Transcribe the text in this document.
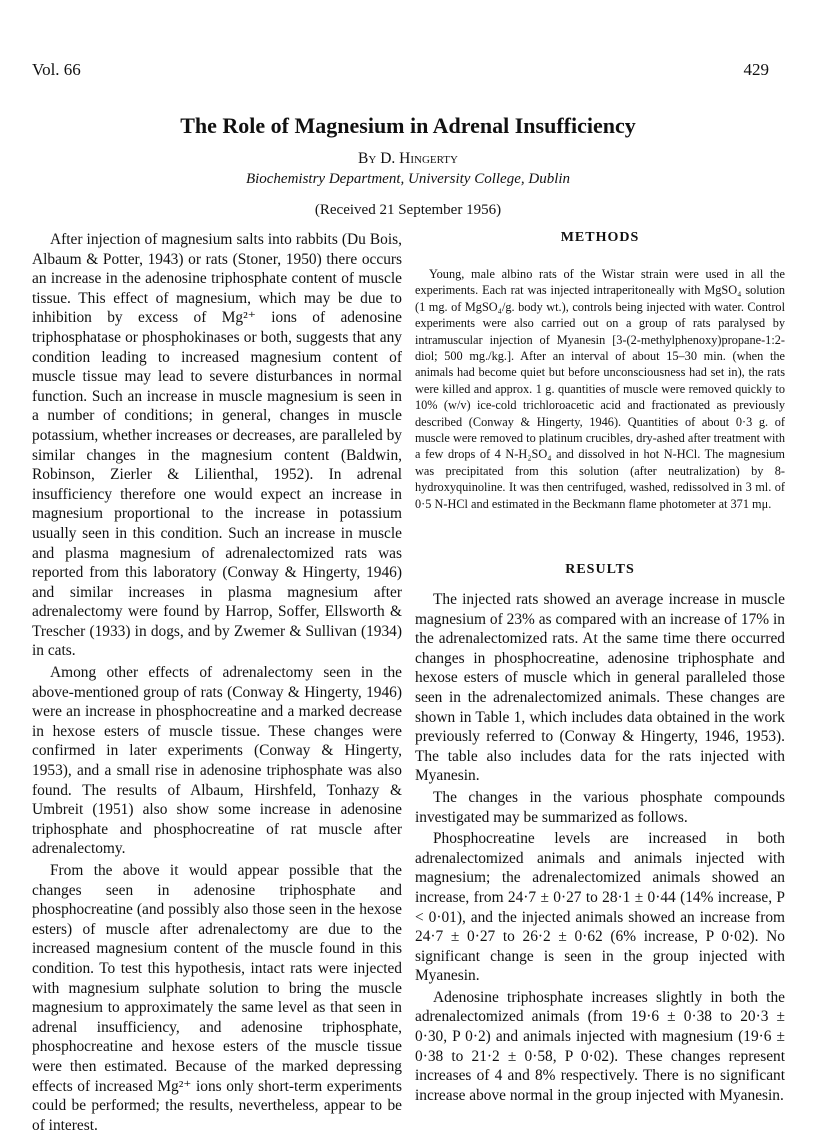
Vol. 66	429
The Role of Magnesium in Adrenal Insufficiency
By D. Hingerty
Biochemistry Department, University College, Dublin
(Received 21 September 1956)

After injection of magnesium salts into rabbits (Du Bois, Albaum & Potter, 1943) or rats (Stoner, 1950) there occurs an increase in the adenosine triphosphate content of muscle tissue. This effect of magnesium, which may be due to inhibition by excess of Mg²⁺ ions of adenosine triphosphatase or phosphokinases or both, suggests that any condition leading to increased magnesium content of muscle tissue may lead to severe disturbances in normal function. Such an increase in muscle magnesium is seen in a number of conditions; in general, changes in muscle potassium, whether increases or decreases, are paralleled by similar changes in the magnesium content (Baldwin, Robinson, Zierler & Lilienthal, 1952). In adrenal insufficiency therefore one would expect an increase in magnesium proportional to the increase in potassium usually seen in this condition. Such an increase in muscle and plasma magnesium of adrenalectomized rats was reported from this laboratory (Conway & Hingerty, 1946) and similar increases in plasma magnesium after adrenalectomy were found by Harrop, Soffer, Ellsworth & Trescher (1933) in dogs, and by Zwemer & Sullivan (1934) in cats.

Among other effects of adrenalectomy seen in the above-mentioned group of rats (Conway & Hingerty, 1946) were an increase in phosphocreatine and a marked decrease in hexose esters of muscle tissue. These changes were confirmed in later experiments (Conway & Hingerty, 1953), and a small rise in adenosine triphosphate was also found. The results of Albaum, Hirshfeld, Tonhazy & Umbreit (1951) also show some increase in adenosine triphosphate and phosphocreatine of rat muscle after adrenalectomy.

From the above it would appear possible that the changes seen in adenosine triphosphate and phosphocreatine (and possibly also those seen in the hexose esters) of muscle after adrenalectomy are due to the increased magnesium content of the muscle found in this condition. To test this hypothesis, intact rats were injected with magnesium sulphate solution to bring the muscle magnesium to approximately the same level as that seen in adrenal insufficiency, and adenosine triphosphate, phosphocreatine and hexose esters of the muscle tissue were then estimated. Because of the marked depressing effects of increased Mg²⁺ ions only short-term experiments could be performed; the results, nevertheless, appear to be of interest.

METHODS

Young, male albino rats of the Wistar strain were used in all the experiments. Each rat was injected intraperitoneally with MgSO₄ solution (1 mg. of MgSO₄/g. body wt.), controls being injected with water. Control experiments were also carried out on a group of rats paralysed by intramuscular injection of Myanesin [3-(2-methylphenoxy)propane-1:2-diol; 500 mg./kg.]. After an interval of about 15–30 min. (when the animals had become quiet but before unconsciousness had set in), the rats were killed and approx. 1 g. quantities of muscle were removed quickly to 10% (w/v) ice-cold trichloroacetic acid and fractionated as previously described (Conway & Hingerty, 1946). Quantities of about 0·3 g. of muscle were removed to platinum crucibles, dry-ashed after treatment with a few drops of 4 N-H₂SO₄ and dissolved in hot N-HCl. The magnesium was precipitated from this solution (after neutralization) by 8-hydroxyquinoline. It was then centrifuged, washed, redissolved in 3 ml. of 0·5 N-HCl and estimated in the Beckmann flame photometer at 371 mμ.

RESULTS

The injected rats showed an average increase in muscle magnesium of 23% as compared with an increase of 17% in the adrenalectomized rats. At the same time there occurred changes in phosphocreatine, adenosine triphosphate and hexose esters of muscle which in general paralleled those seen in the adrenalectomized animals. These changes are shown in Table 1, which includes data obtained in the work previously referred to (Conway & Hingerty, 1946, 1953). The table also includes data for the rats injected with Myanesin.

The changes in the various phosphate compounds investigated may be summarized as follows.

Phosphocreatine levels are increased in both adrenalectomized animals and animals injected with magnesium; the adrenalectomized animals showed an increase, from 24·7 ± 0·27 to 28·1 ± 0·44 (14% increase, P < 0·01), and the injected animals showed an increase from 24·7 ± 0·27 to 26·2 ± 0·62 (6% increase, P 0·02). No significant change is seen in the group injected with Myanesin.

Adenosine triphosphate increases slightly in both the adrenalectomized animals (from 19·6 ± 0·38 to 20·3 ± 0·30, P 0·2) and animals injected with magnesium (19·6 ± 0·38 to 21·2 ± 0·58, P 0·02). These changes represent increases of 4 and 8% respectively. There is no significant increase above normal in the group injected with Myanesin.
